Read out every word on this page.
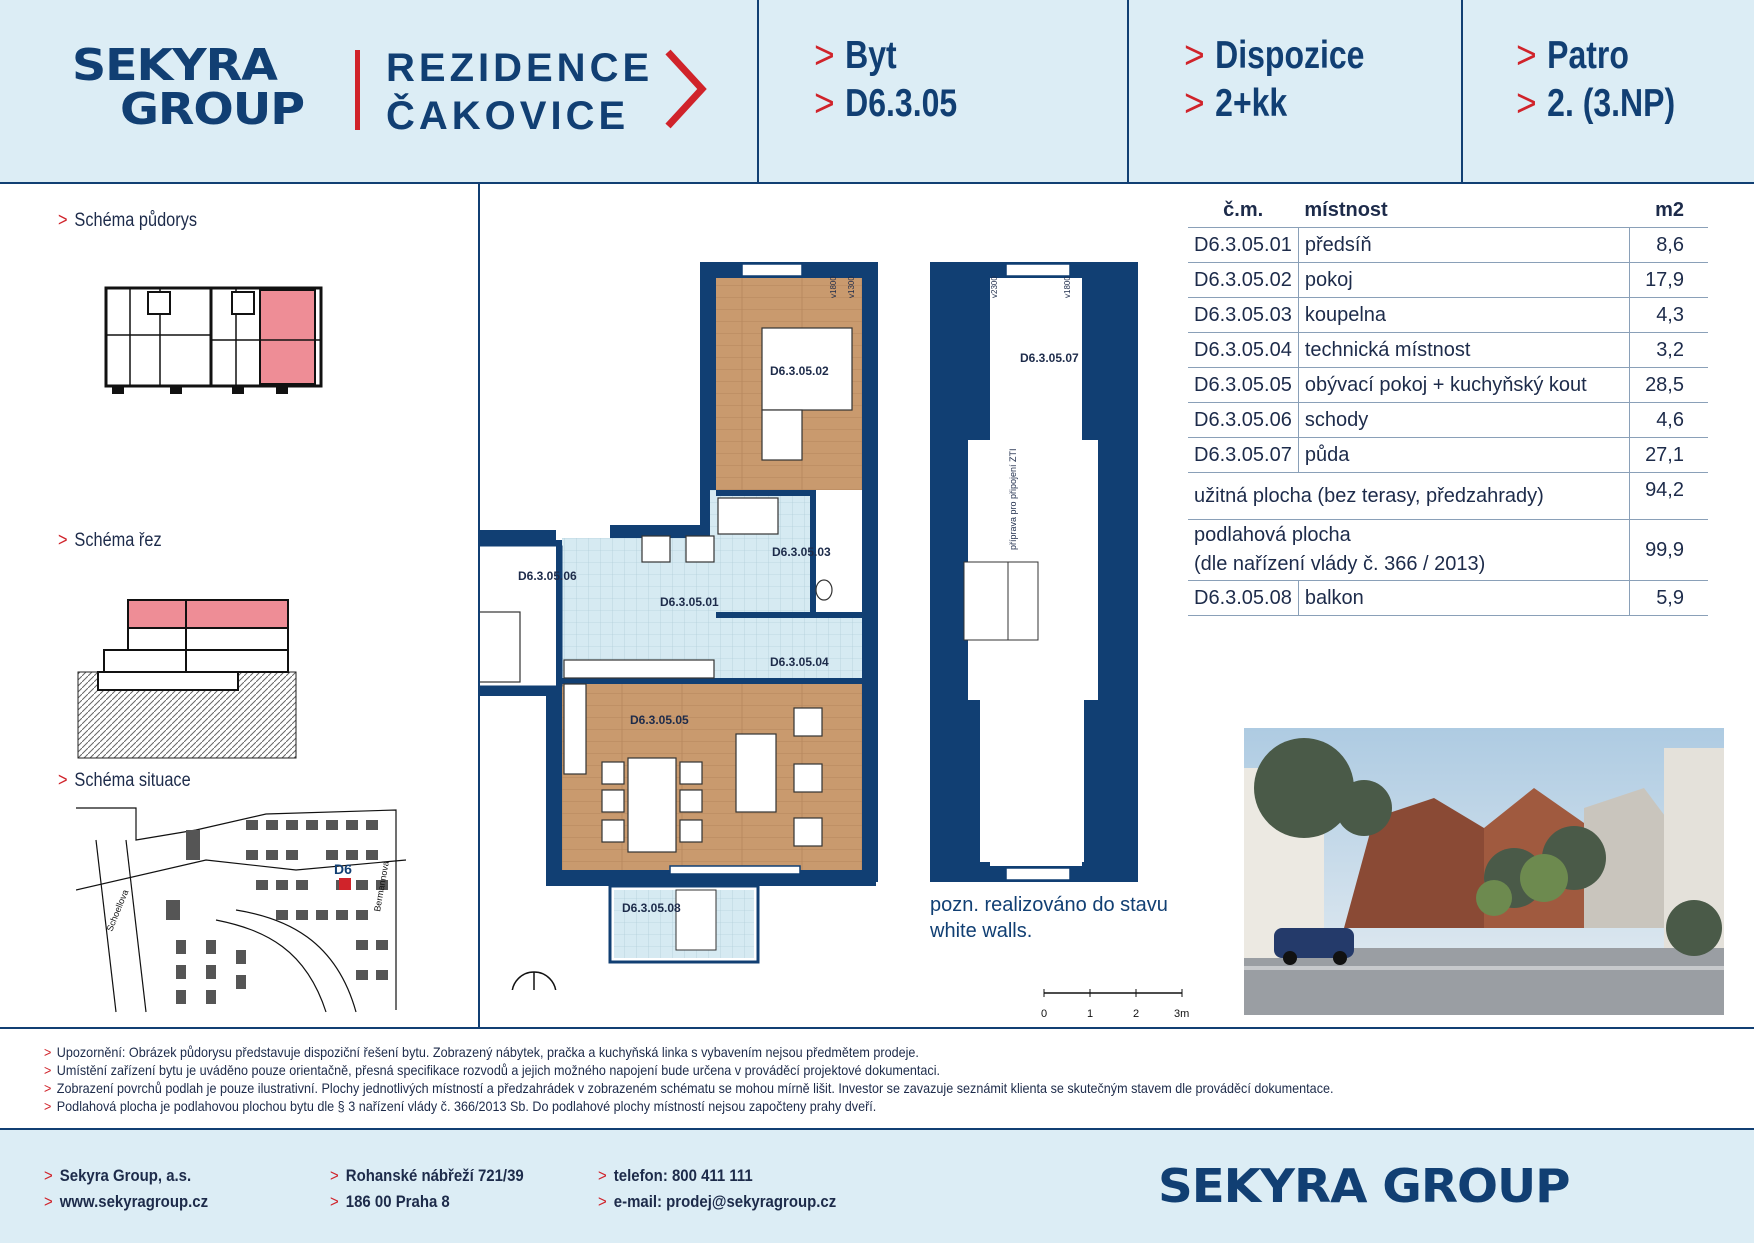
SEKYRA
GROUP
REZIDENCE
ČAKOVICE
> Byt
> D6.3.05
> Dispozice
> 2+kk
> Patro
> 2. (3.NP)
> Schéma půdorys
> Schéma řez
> Schéma situace
D6
Schoellova	Bermannova
D6.3.05.02
D6.3.05.01
D6.3.05.03
D6.3.05.04
D6.3.05.05
D6.3.05.06
D6.3.05.08
v1800 v1300
D6.3.05.07
příprava pro připojení ZTI
v2300	v1800
pozn. realizováno do stavu
white walls.
0	1	2	3m
č.m.	místnost	m2
D6.3.05.01	předsíň	8,6
D6.3.05.02	pokoj	17,9
D6.3.05.03	koupelna	4,3
D6.3.05.04	technická místnost	3,2
D6.3.05.05	obývací pokoj + kuchyňský kout	28,5
D6.3.05.06	schody	4,6
D6.3.05.07	půda	27,1
užitná plocha (bez terasy, předzahrady)		94,2

podlahová plocha
(dle nařízení vlády č. 366 / 2013)		99,9
D6.3.05.08	balkon	5,9
> Upozornění: Obrázek půdorysu představuje dispoziční řešení bytu. Zobrazený nábytek, pračka a kuchyňská linka s vybavením nejsou předmětem prodeje.
> Umístění zařízení bytu je uváděno pouze orientačně, přesná specifikace rozvodů a jejich možného napojení bude určena v prováděcí projektové dokumentaci.
> Zobrazení povrchů podlah je pouze ilustrativní. Plochy jednotlivých místností a předzahrádek v zobrazeném schématu se mohou mírně lišit. Investor se zavazuje seznámit klienta se skutečným stavem dle prováděcí dokumentace.
> Podlahová plocha je podlahovou plochou bytu dle § 3 nařízení vlády č. 366/2013 Sb. Do podlahové plochy místností nejsou započteny prahy dveří.
> Sekyra Group, a.s.
> www.sekyragroup.cz
> Rohanské nábřeží 721/39
> 186 00 Praha 8
> telefon: 800 411 111
> e-mail: prodej@sekyragroup.cz	SEKYRA GROUP
